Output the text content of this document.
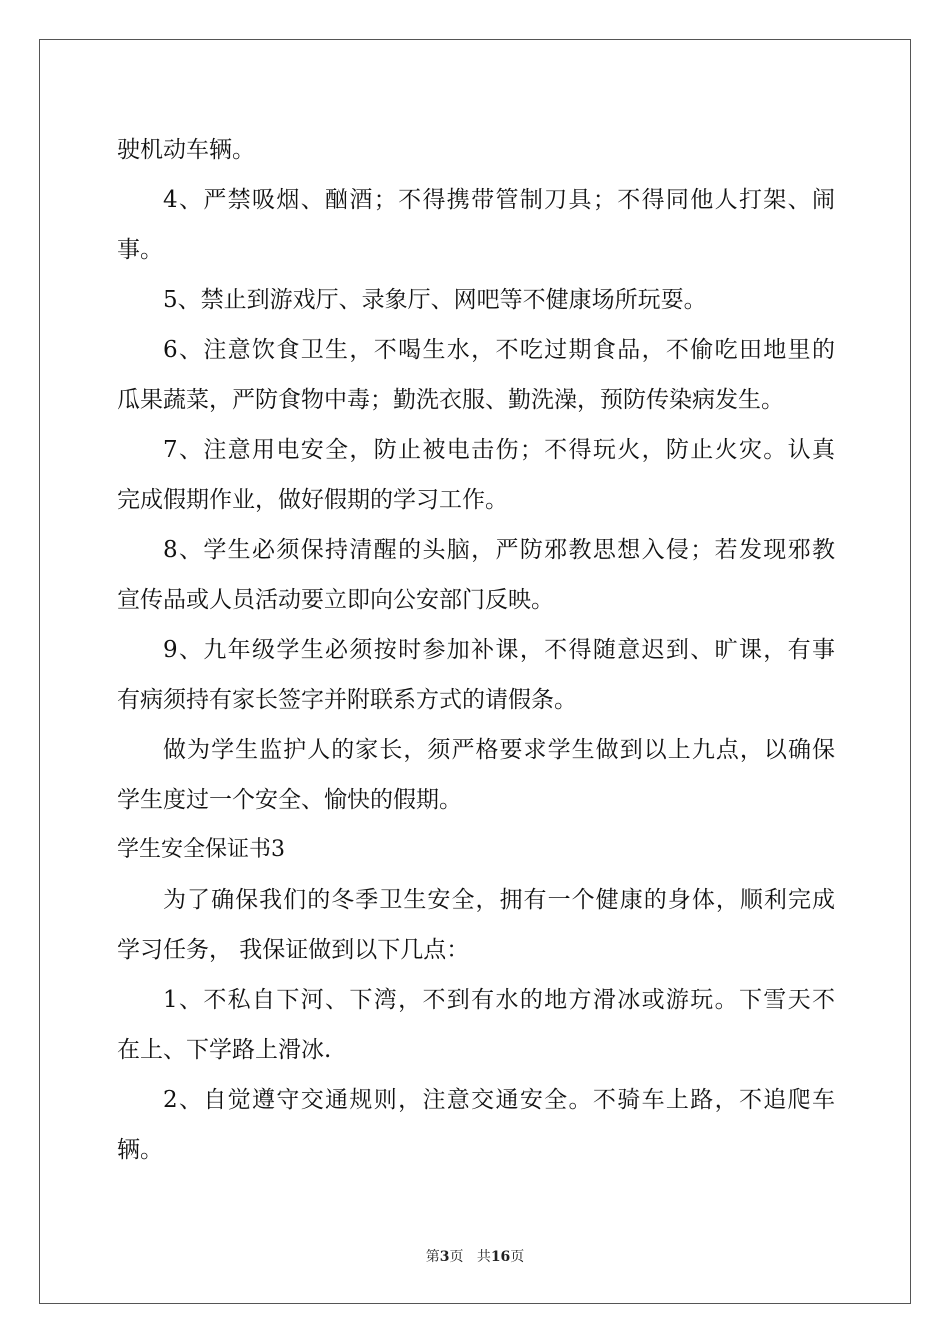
驶机动车辆。
4、严禁吸烟、酗酒；不得携带管制刀具；不得同他人打架、闹
事。
5、禁止到游戏厅、录象厅、网吧等不健康场所玩耍。
6、注意饮食卫生，不喝生水，不吃过期食品，不偷吃田地里的
瓜果蔬菜，严防食物中毒；勤洗衣服、勤洗澡，预防传染病发生。
7、注意用电安全，防止被电击伤；不得玩火，防止火灾。认真
完成假期作业，做好假期的学习工作。
8、学生必须保持清醒的头脑，严防邪教思想入侵；若发现邪教
宣传品或人员活动要立即向公安部门反映。
9、九年级学生必须按时参加补课，不得随意迟到、旷课，有事
有病须持有家长签字并附联系方式的请假条。
做为学生监护人的家长，须严格要求学生做到以上九点，以确保
学生度过一个安全、愉快的假期。
学生安全保证书3
为了确保我们的冬季卫生安全，拥有一个健康的身体，顺利完成
学习任务， 我保证做到以下几点：
1、不私自下河、下湾，不到有水的地方滑冰或游玩。下雪天不
在上、下学路上滑冰.
2、自觉遵守交通规则，注意交通安全。不骑车上路，不追爬车
辆。
第3页 共16页
